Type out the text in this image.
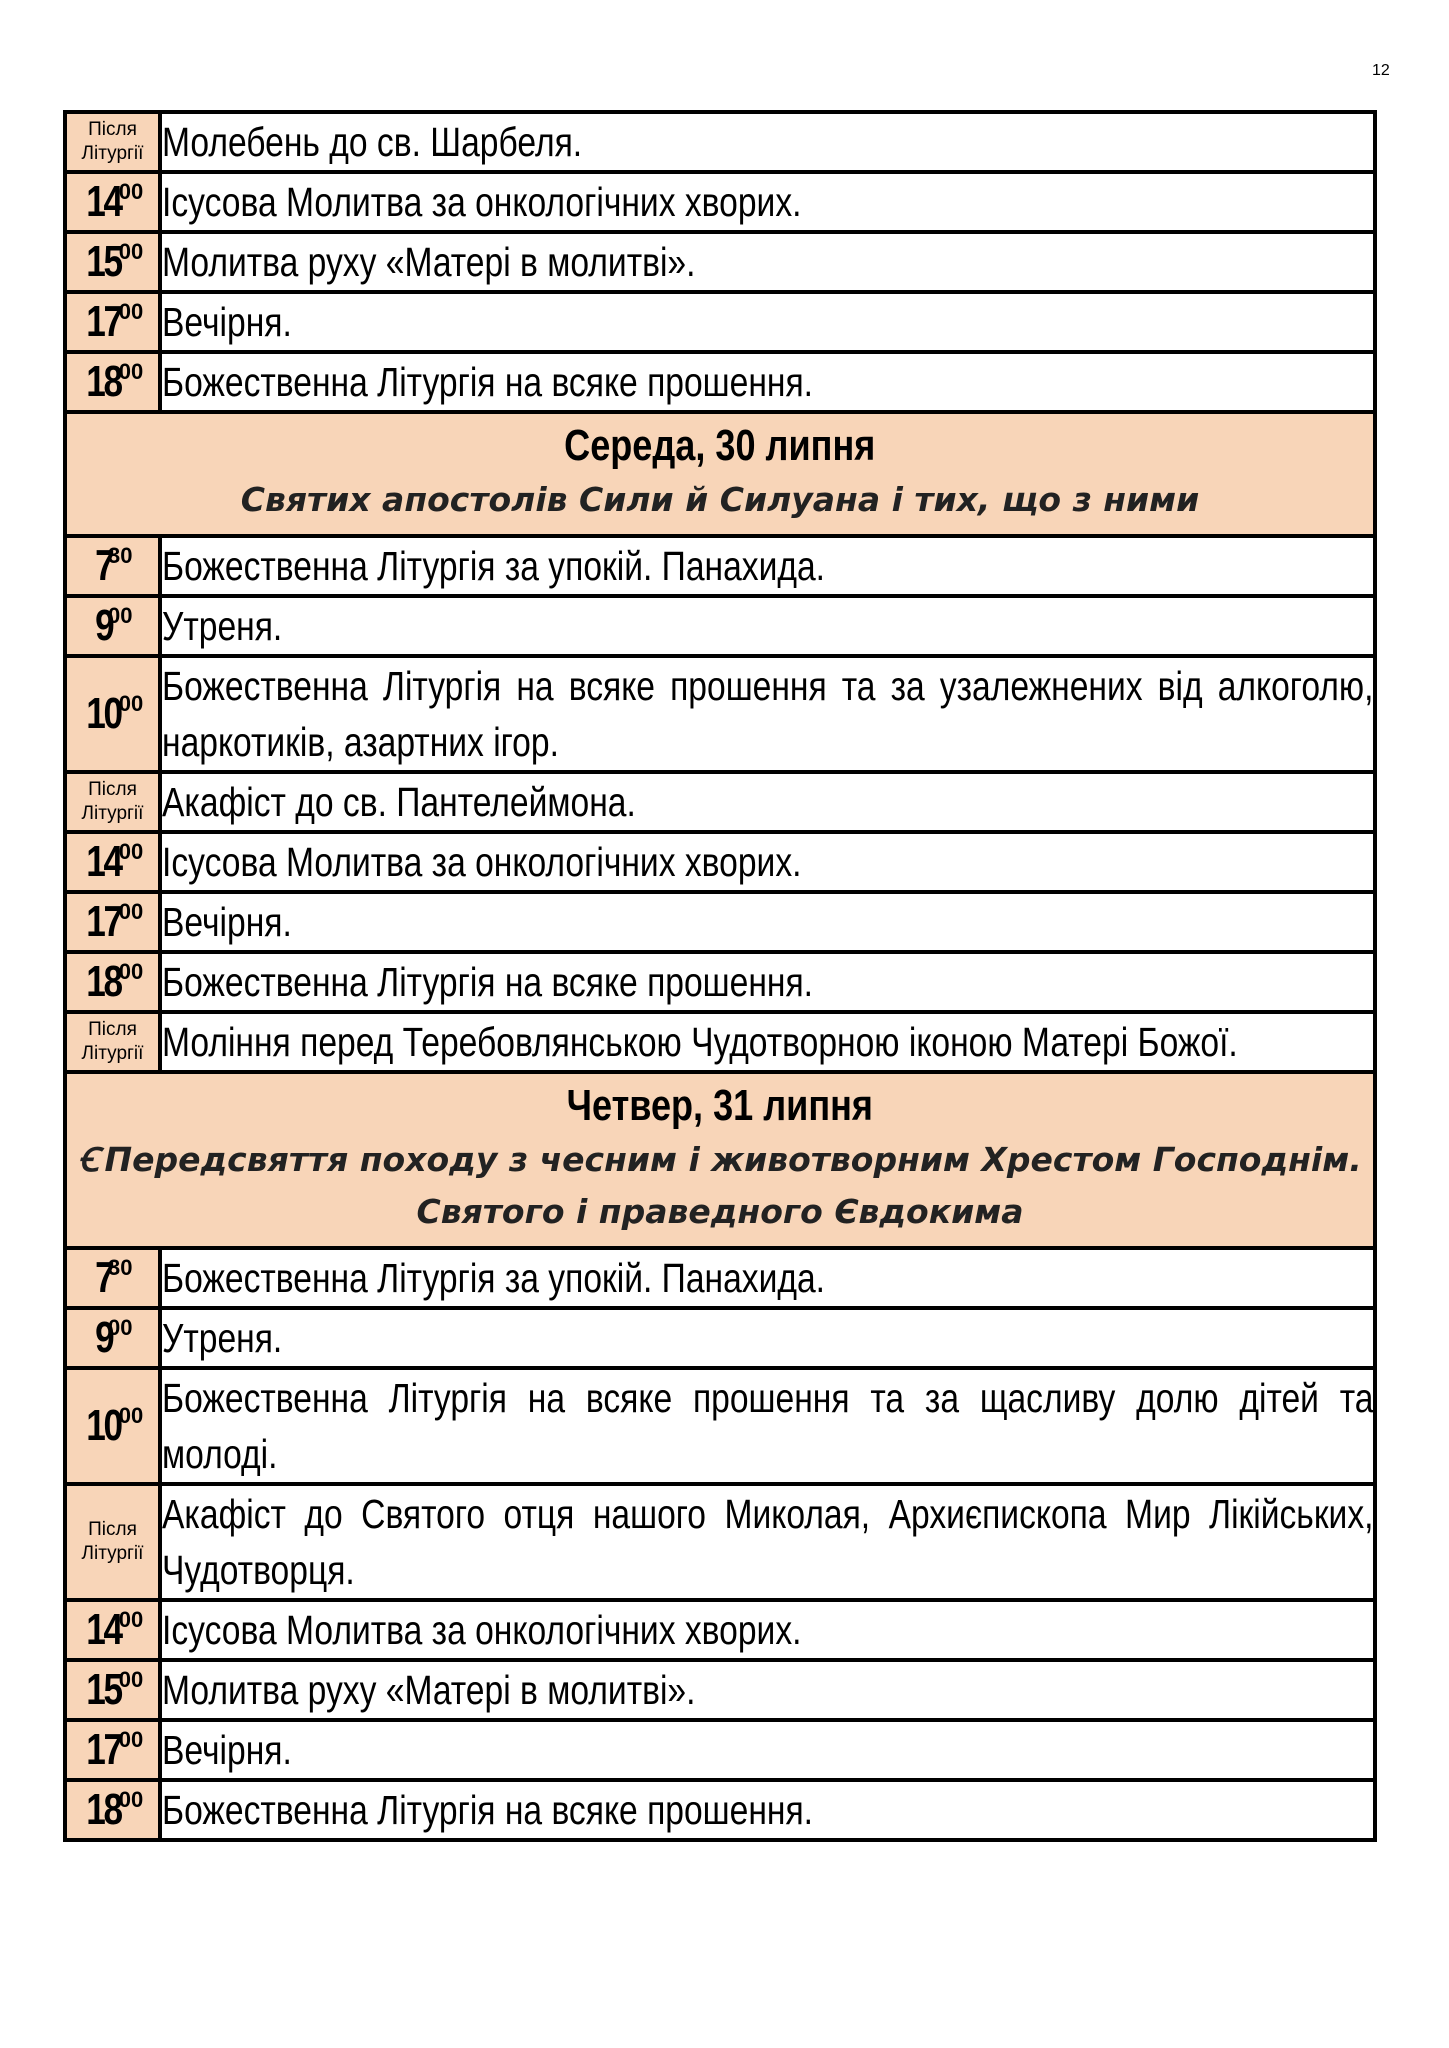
12
Після
Літургії	Молебень до св. Шарбеля.
1400	Ісусова Молитва за онкологічних хворих.
1500	Молитва руху «Матері в молитві».
1700	Вечірня.
1800	Божественна Літургія на всяке прошення.

Середа, 30 липня
Святих апостолів Сили й Силуана і тих, що з ними	

730	Божественна Літургія за упокій. Панахида.
900	Утреня.
1000	Божественна Літургія на всяке прошення та за узалежнених від алкоголю, наркотиків, азартних ігор.

Після
Літургії	Акафіст до св. Пантелеймона.
1400	Ісусова Молитва за онкологічних хворих.
1700	Вечірня.
1800	Божественна Літургія на всяке прошення.

Після
Літургії	Моління перед Теребовлянською Чудотворною іконою Матері Божої.

Четвер, 31 липня
Ꞓ Передсвяття походу з чесним і животворним Хрестом Господнім. Святого і праведного Євдокима	

730	Божественна Літургія за упокій. Панахида.
900	Утреня.
1000	Божественна Літургія на всяке прошення та за щасливу долю дітей та молоді.

Після
Літургії	Акафіст до Святого отця нашого Миколая, Архиєпископа Мир Лікійських, Чудотворця.
1400	Ісусова Молитва за онкологічних хворих.
1500	Молитва руху «Матері в молитві».
1700	Вечірня.
1800	Божественна Літургія на всяке прошення.
